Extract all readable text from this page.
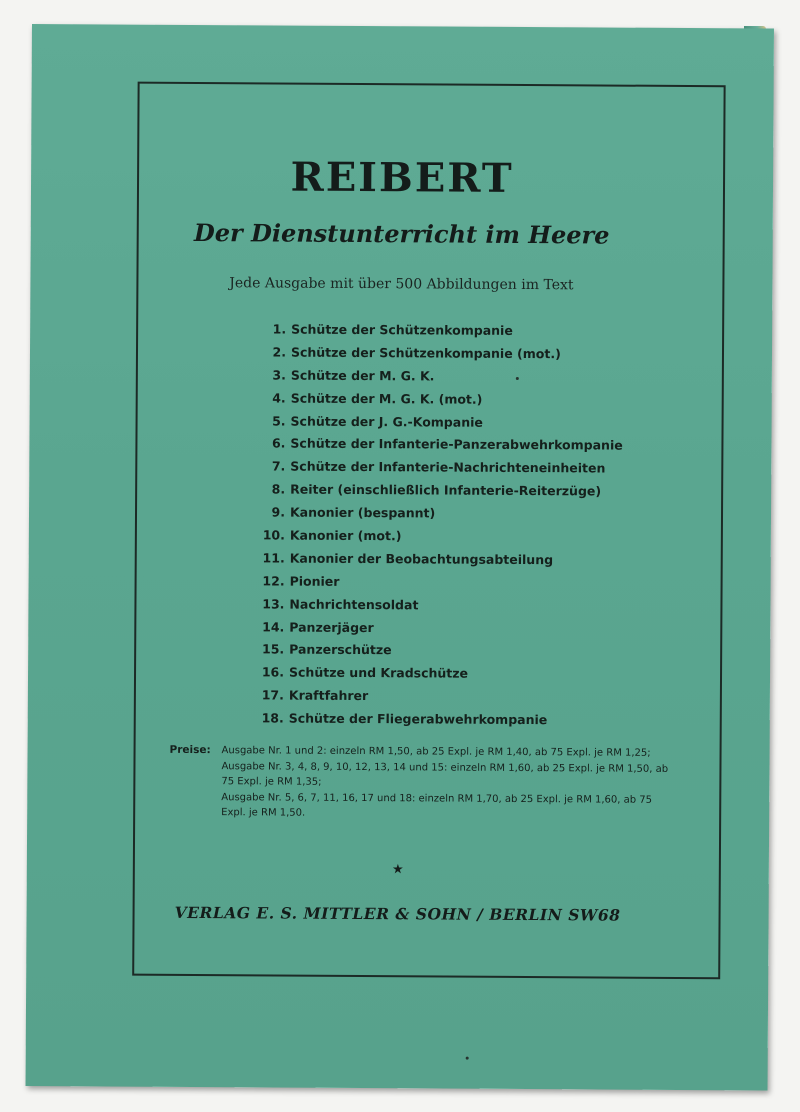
REIBERT
Der Dienstunterricht im Heere
Jede Ausgabe mit über 500 Abbildungen im Text
1. Schütze der Schützenkompanie
2. Schütze der Schützenkompanie (mot.)
3. Schütze der M. G. K.
4. Schütze der M. G. K. (mot.)
5. Schütze der J. G.-Kompanie
6. Schütze der Infanterie-Panzerabwehrkompanie
7. Schütze der Infanterie-Nachrichteneinheiten
8. Reiter (einschließlich Infanterie-Reiterzüge)
9. Kanonier (bespannt)
10. Kanonier (mot.)
11. Kanonier der Beobachtungsabteilung
12. Pionier
13. Nachrichtensoldat
14. Panzerjäger
15. Panzerschütze
16. Schütze und Kradschütze
17. Kraftfahrer
18. Schütze der Fliegerabwehrkompanie
Preise: Ausgabe Nr. 1 und 2: einzeln RM 1,50, ab 25 Expl. je RM 1,40, ab 75 Expl. je RM 1,25;

Ausgabe Nr. 3, 4, 8, 9, 10, 12, 13, 14 und 15: einzeln RM 1,60, ab 25 Expl. je RM 1,50, ab 75 Expl. je RM 1,35;

Ausgabe Nr. 5, 6, 7, 11, 16, 17 und 18: einzeln RM 1,70, ab 25 Expl. je RM 1,60, ab 75 Expl. je RM 1,50.

★
VERLAG E. S. MITTLER & SOHN / BERLIN SW68
